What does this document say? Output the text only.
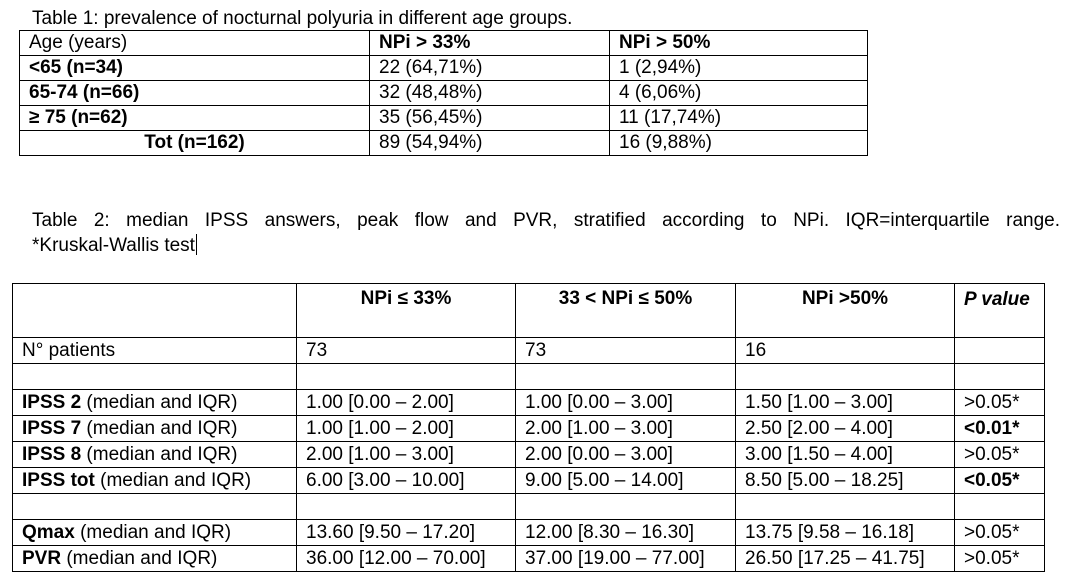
Table 1: prevalence of nocturnal polyuria in different age groups.
Age (years)	NPi > 33%	NPi > 50%
<65 (n=34)	22 (64,71%)	1 (2,94%)
65-74 (n=66)	32 (48,48%)	4 (6,06%)
≥ 75 (n=62)	35 (56,45%)	11 (17,74%)
Tot (n=162)	89 (54,94%)	16 (9,88%)
Table 2: median IPSS answers, peak flow and PVR, stratified according to NPi. IQR=interquartile range.
*Kruskal-Wallis test
	NPi ≤ 33%	33 < NPi ≤ 50%	NPi >50%	P value
N° patients	73	73	16	

IPSS 2 (median and IQR)	1.00 [0.00 – 2.00]	1.00 [0.00 – 3.00]	1.50 [1.00 – 3.00]	>0.05*
IPSS 7 (median and IQR)	1.00 [1.00 – 2.00]	2.00 [1.00 – 3.00]	2.50 [2.00 – 4.00]	<0.01*
IPSS 8 (median and IQR)	2.00 [1.00 – 3.00]	2.00 [0.00 – 3.00]	3.00 [1.50 – 4.00]	>0.05*
IPSS tot (median and IQR)	6.00 [3.00 – 10.00]	9.00 [5.00 – 14.00]	8.50 [5.00 – 18.25]	<0.05*

Qmax (median and IQR)	13.60 [9.50 – 17.20]	12.00 [8.30 – 16.30]	13.75 [9.58 – 16.18]	>0.05*
PVR (median and IQR)	36.00 [12.00 – 70.00]	37.00 [19.00 – 77.00]	26.50 [17.25 – 41.75]	>0.05*
